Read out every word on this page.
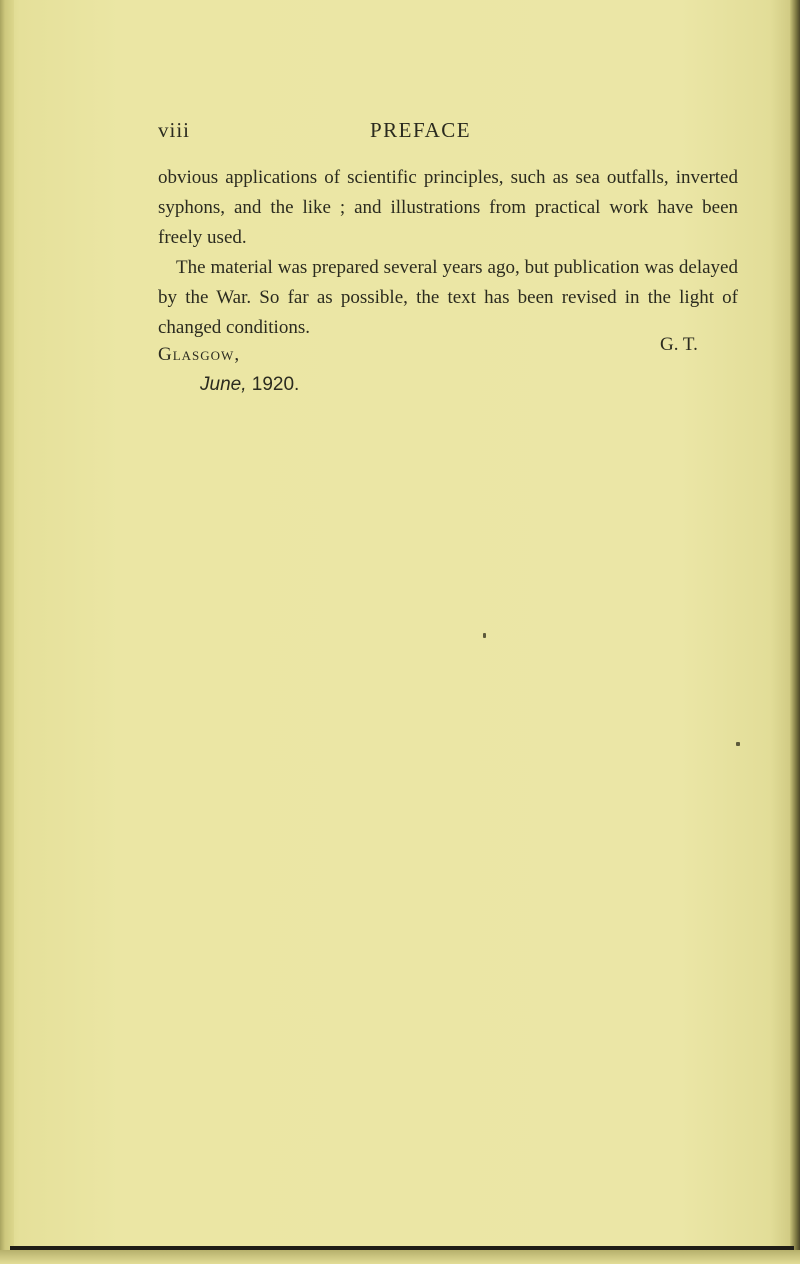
viii	PREFACE

obvious applications of scientific principles, such as sea outfalls, inverted syphons, and the like ; and illustrations from practical work have been freely used.

The material was prepared several years ago, but publication was delayed by the War. So far as possible, the text has been revised in the light of changed conditions.

G. T.
Glasgow,
June, 1920.
